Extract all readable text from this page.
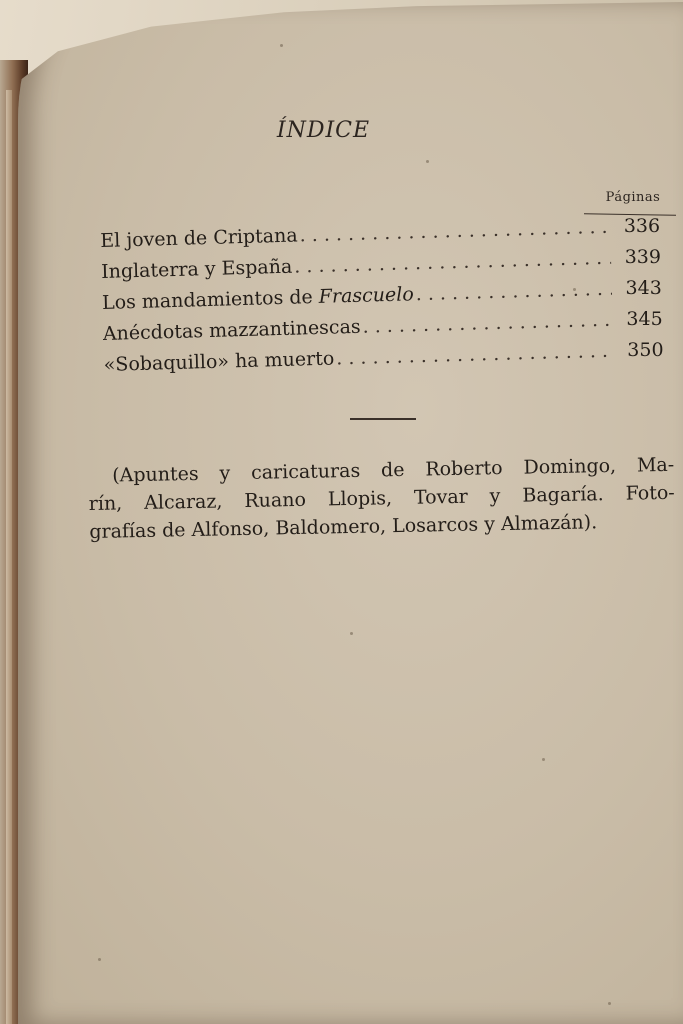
ÍNDICE
Páginas
El joven de Criptana . . .	336
Inglaterra y España . . .	339
Los mandamientos de Frascuelo . . .	343
Anécdotas mazzantinescas . . .	345
«Sobaquillo» ha muerto . . .	350
(Apuntes y caricaturas de Roberto Domingo, Ma-
rín, Alcaraz, Ruano Llopis, Tovar y Bagaría. Foto-
grafías de Alfonso, Baldomero, Losarcos y Almazán).
